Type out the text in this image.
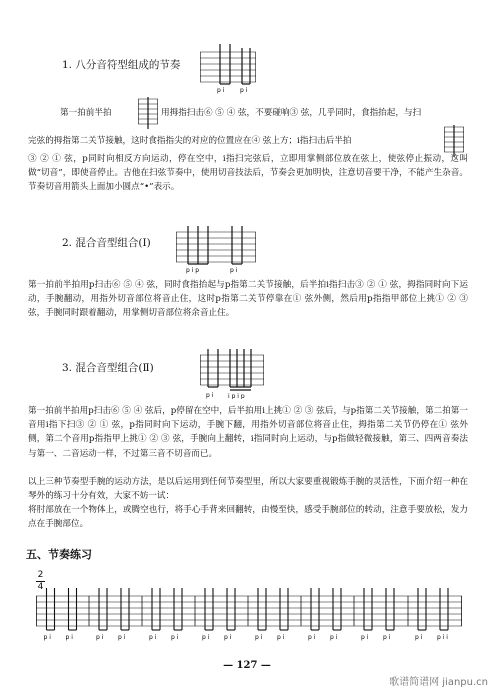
1. 八分音符型组成的节奏
p i	p i
第一拍前半拍	用拇指扫击⑥ ⑤ ④ 弦，不要碰响③ 弦，几乎同时，食指抬起，与扫
完弦的拇指第二关节接触，这时食指指尖的对应的位置应在④ 弦上方；i指扫击后半拍
③ ② ① 弦，p同时向相反方向运动，停在空中，i指扫完弦后，立即用掌侧部位放在弦上，使弦停止振动，这叫做“切音”，即使音停止。吉他在扫弦节奏中，使用切音技法后，节奏会更加明快，注意切音要干净，不能产生杂音。节奏切音用箭头上面加小圆点“•”表示。
2. 混合音型组合(Ⅰ)
p i p	p i
第一拍前半拍用p扫击⑥ ⑤ ④ 弦，同时食指抬起与p指第二关节接触，后半拍i指扫击③ ② ① 弦，拇指同时向下运动，手腕翻动，用指外切音部位将音止住，这时p指第二关节停靠在① 弦外侧，然后用p指指甲部位上挑① ② ③ 弦，手腕同时跟着翻动，用掌侧切音部位将余音止住。
3. 混合音型组合(Ⅱ)
p i i p i p
第一拍前半拍用p扫击⑥ ⑤ ④ 弦后，p停留在空中，后半拍用i上挑① ② ③ 弦后，与p指第二关节接触，第二拍第一音用i指下扫③ ② ① 弦，p指同时向下运动，手腕下翻，用指外切音部位将音止住，拇指第二关节仍停在① 弦外侧，第二个音用p指指甲上挑① ② ③ 弦，手腕向上翻转，i指同时向上运动，与p指做轻微接触，第三、四两音奏法与第一、二音运动一样，不过第三音不切音而已。
以上三种节奏型手腕的运动方法，是以后运用到任何节奏型里，所以大家要重视锻炼手腕的灵活性，下面介绍一种在琴外的练习十分有效，大家不妨一试：
将肘部放在一个物体上，或腾空也行，将手心手背来回翻转，由慢至快，感受手腕部位的转动，注意手要放松，发力点在手腕部位。
五、节奏练习
2
4
p i p i	p i p i	p i p i	p i p i	p i p i	p i p i	p i p i	p i p i i
— 127 —
歌谱简谱网 jianpu.cn
